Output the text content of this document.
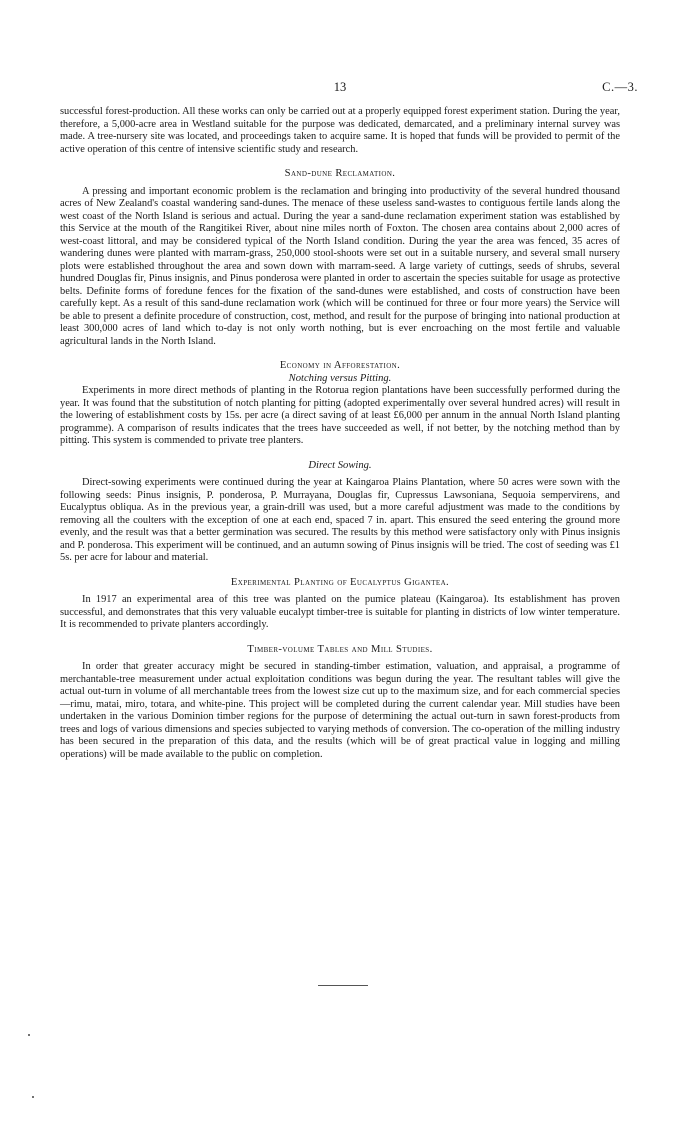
13	C.—3.

successful forest-production. All these works can only be carried out at a properly equipped forest experiment station. During the year, therefore, a 5,000-acre area in Westland suitable for the purpose was dedicated, demarcated, and a preliminary internal survey was made. A tree-nursery site was located, and proceedings taken to acquire same. It is hoped that funds will be provided to permit of the active operation of this centre of intensive scientific study and research.

Sand-dune Reclamation.

A pressing and important economic problem is the reclamation and bringing into productivity of the several hundred thousand acres of New Zealand's coastal wandering sand-dunes. The menace of these useless sand-wastes to contiguous fertile lands along the west coast of the North Island is serious and actual. During the year a sand-dune reclamation experiment station was established by this Service at the mouth of the Rangitikei River, about nine miles north of Foxton. The chosen area contains about 2,000 acres of west-coast littoral, and may be considered typical of the North Island condition. During the year the area was fenced, 35 acres of wandering dunes were planted with marram-grass, 250,000 stool-shoots were set out in a suitable nursery, and several small nursery plots were established throughout the area and sown down with marram-seed. A large variety of cuttings, seeds of shrubs, several hundred Douglas fir, Pinus insignis, and Pinus ponderosa were planted in order to ascertain the species suitable for usage as protective belts. Definite forms of foredune fences for the fixation of the sand-dunes were established, and costs of construction have been carefully kept. As a result of this sand-dune reclamation work (which will be continued for three or four more years) the Service will be able to present a definite procedure of construction, cost, method, and result for the purpose of bringing into national production at least 300,000 acres of land which to-day is not only worth nothing, but is ever encroaching on the most fertile and valuable agricultural lands in the North Island.

Economy in Afforestation.
Notching versus Pitting.

Experiments in more direct methods of planting in the Rotorua region plantations have been successfully performed during the year. It was found that the substitution of notch planting for pitting (adopted experimentally over several hundred acres) will result in the lowering of establishment costs by 15s. per acre (a direct saving of at least £6,000 per annum in the annual North Island planting programme). A comparison of results indicates that the trees have succeeded as well, if not better, by the notching method than by pitting. This system is commended to private tree planters.

Direct Sowing.

Direct-sowing experiments were continued during the year at Kaingaroa Plains Plantation, where 50 acres were sown with the following seeds: Pinus insignis, P. ponderosa, P. Murrayana, Douglas fir, Cupressus Lawsoniana, Sequoia sempervirens, and Eucalyptus obliqua. As in the previous year, a grain-drill was used, but a more careful adjustment was made to the conditions by removing all the coulters with the exception of one at each end, spaced 7 in. apart. This ensured the seed entering the ground more evenly, and the result was that a better germination was secured. The results by this method were satisfactory only with Pinus insignis and P. ponderosa. This experiment will be continued, and an autumn sowing of Pinus insignis will be tried. The cost of seeding was £1 5s. per acre for labour and material.

Experimental Planting of Eucalyptus Gigantea.

In 1917 an experimental area of this tree was planted on the pumice plateau (Kaingaroa). Its establishment has proven successful, and demonstrates that this very valuable eucalypt timber-tree is suitable for planting in districts of low winter temperature. It is recommended to private planters accordingly.

Timber-volume Tables and Mill Studies.

In order that greater accuracy might be secured in standing-timber estimation, valuation, and appraisal, a programme of merchantable-tree measurement under actual exploitation conditions was begun during the year. The resultant tables will give the actual out-turn in volume of all merchantable trees from the lowest size cut up to the maximum size, and for each commercial species—rimu, matai, miro, totara, and white-pine. This project will be completed during the current calendar year. Mill studies have been undertaken in the various Dominion timber regions for the purpose of determining the actual out-turn in sawn forest-products from trees and logs of various dimensions and species subjected to varying methods of conversion. The co-operation of the milling industry has been secured in the preparation of this data, and the results (which will be of great practical value in logging and milling operations) will be made available to the public on completion.
